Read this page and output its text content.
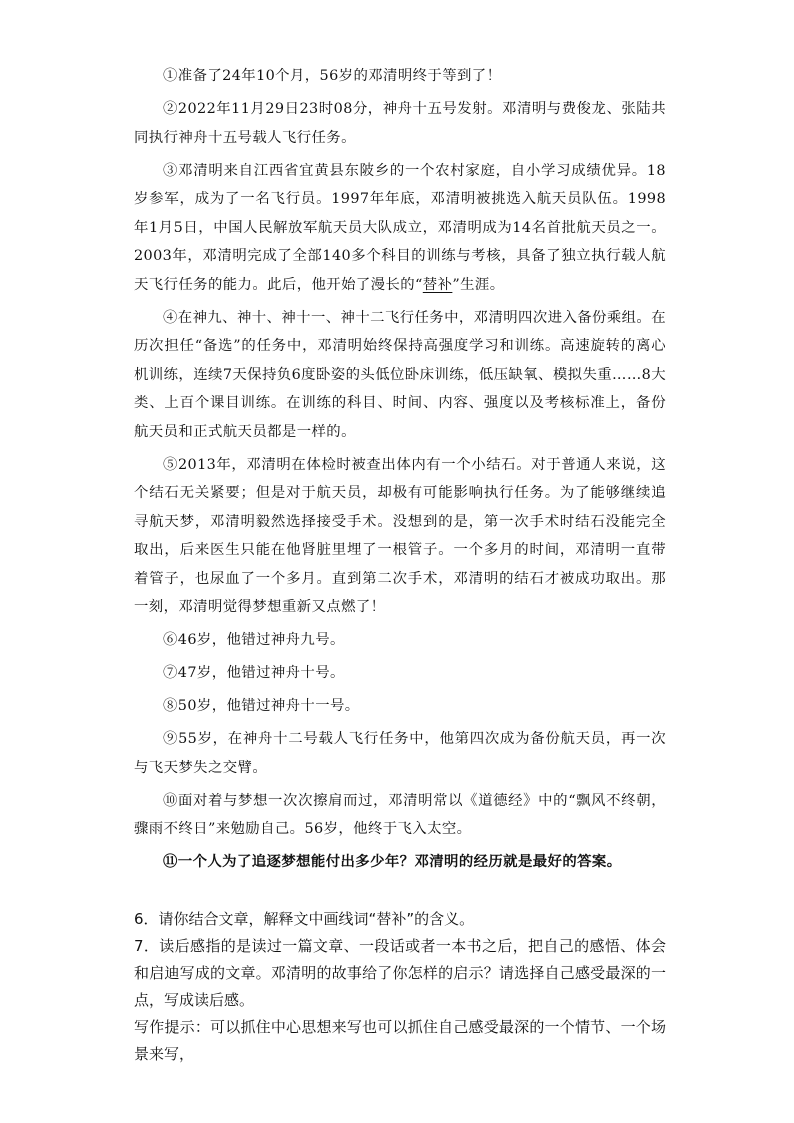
①准备了24年10个月，56岁的邓清明终于等到了！

②2022年11月29日23时08分，神舟十五号发射。邓清明与费俊龙、张陆共同执行神舟十五号载人飞行任务。

③邓清明来自江西省宜黄县东陂乡的一个农村家庭，自小学习成绩优异。18岁参军，成为了一名飞行员。1997年年底，邓清明被挑选入航天员队伍。1998年1月5日，中国人民解放军航天员大队成立，邓清明成为14名首批航天员之一。2003年，邓清明完成了全部140多个科目的训练与考核，具备了独立执行载人航天飞行任务的能力。此后，他开始了漫长的“替补”生涯。

④在神九、神十、神十一、神十二飞行任务中，邓清明四次进入备份乘组。在历次担任“备选”的任务中，邓清明始终保持高强度学习和训练。高速旋转的离心机训练，连续7天保持负6度卧姿的头低位卧床训练，低压缺氧、模拟失重……8大类、上百个课目训练。在训练的科目、时间、内容、强度以及考核标准上，备份航天员和正式航天员都是一样的。

⑤2013年，邓清明在体检时被查出体内有一个小结石。对于普通人来说，这个结石无关紧要；但是对于航天员，却极有可能影响执行任务。为了能够继续追寻航天梦，邓清明毅然选择接受手术。没想到的是，第一次手术时结石没能完全取出，后来医生只能在他肾脏里埋了一根管子。一个多月的时间，邓清明一直带着管子，也尿血了一个多月。直到第二次手术，邓清明的结石才被成功取出。那一刻，邓清明觉得梦想重新又点燃了！

⑥46岁，他错过神舟九号。

⑦47岁，他错过神舟十号。

⑧50岁，他错过神舟十一号。

⑨55岁，在神舟十二号载人飞行任务中，他第四次成为备份航天员，再一次与飞天梦失之交臂。

⑩面对着与梦想一次次擦肩而过，邓清明常以《道德经》中的“飘风不终朝，骤雨不终日”来勉励自己。56岁，他终于飞入太空。

⑪一个人为了追逐梦想能付出多少年？邓清明的经历就是最好的答案。

6．请你结合文章，解释文中画线词“替补”的含义。

7．读后感指的是读过一篇文章、一段话或者一本书之后，把自己的感悟、体会和启迪写成的文章。邓清明的故事给了你怎样的启示？请选择自己感受最深的一点，写成读后感。

写作提示：可以抓住中心思想来写也可以抓住自己感受最深的一个情节、一个场景来写，
